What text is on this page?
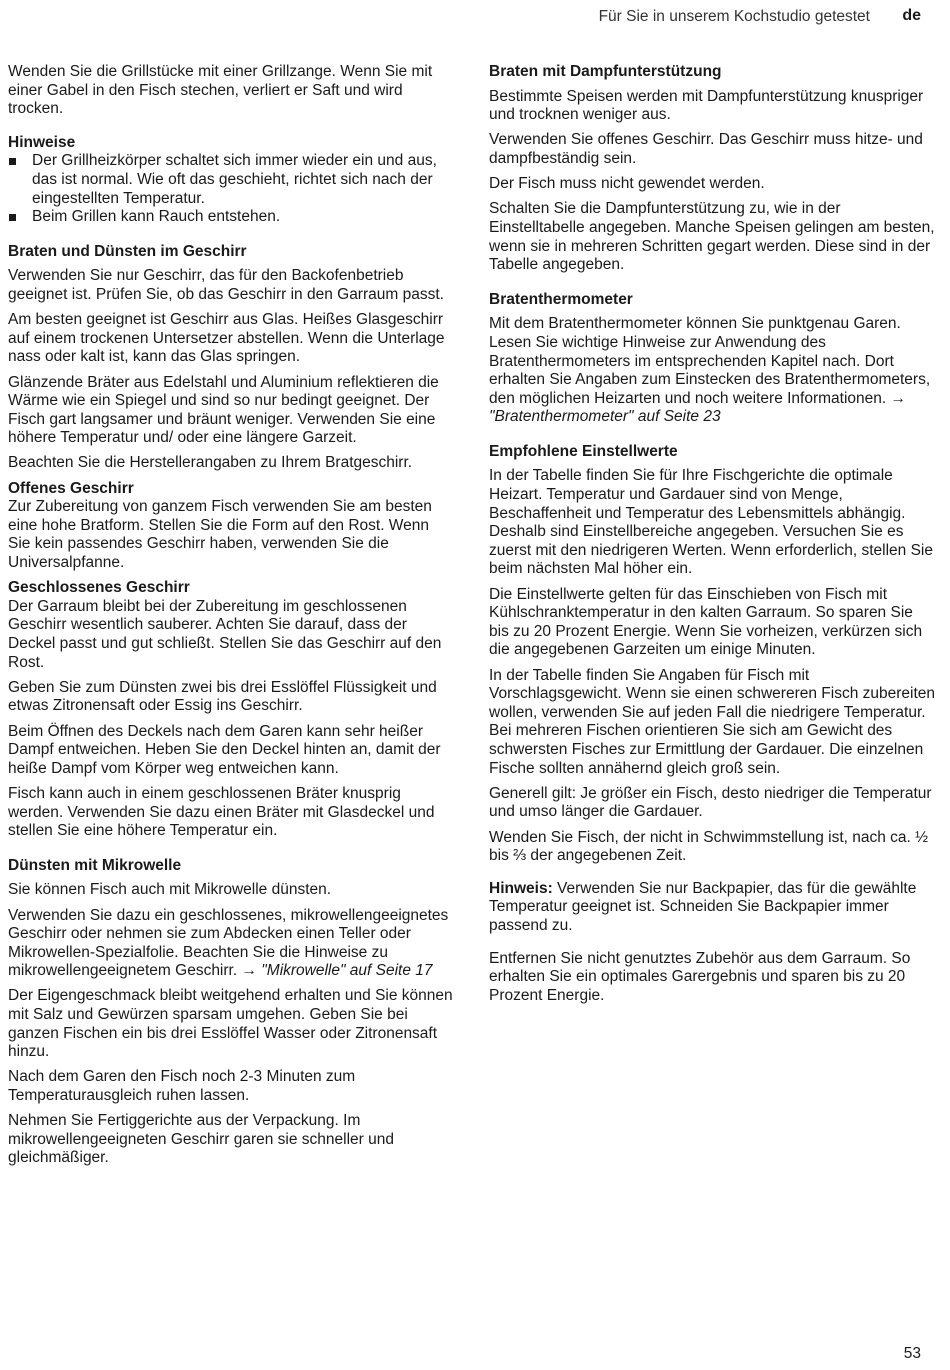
Für Sie in unserem Kochstudio getestet de

Wenden Sie die Grillstücke mit einer Grillzange. Wenn Sie mit einer Gabel in den Fisch stechen, verliert er Saft und wird trocken.

Hinweise
Der Grillheizkörper schaltet sich immer wieder ein und aus, das ist normal. Wie oft das geschieht, richtet sich nach der eingestellten Temperatur.
Beim Grillen kann Rauch entstehen.
Braten und Dünsten im Geschirr

Verwenden Sie nur Geschirr, das für den Backofenbetrieb geeignet ist. Prüfen Sie, ob das Geschirr in den Garraum passt.

Am besten geeignet ist Geschirr aus Glas. Heißes Glasgeschirr auf einem trockenen Untersetzer abstellen. Wenn die Unterlage nass oder kalt ist, kann das Glas springen.

Glänzende Bräter aus Edelstahl und Aluminium reflektieren die Wärme wie ein Spiegel und sind so nur bedingt geeignet. Der Fisch gart langsamer und bräunt weniger. Verwenden Sie eine höhere Temperatur und/ oder eine längere Garzeit.

Beachten Sie die Herstellerangaben zu Ihrem Bratgeschirr.

Offenes Geschirr

Zur Zubereitung von ganzem Fisch verwenden Sie am besten eine hohe Bratform. Stellen Sie die Form auf den Rost. Wenn Sie kein passendes Geschirr haben, verwenden Sie die Universalpfanne.

Geschlossenes Geschirr

Der Garraum bleibt bei der Zubereitung im geschlossenen Geschirr wesentlich sauberer. Achten Sie darauf, dass der Deckel passt und gut schließt. Stellen Sie das Geschirr auf den Rost.

Geben Sie zum Dünsten zwei bis drei Esslöffel Flüssigkeit und etwas Zitronensaft oder Essig ins Geschirr.

Beim Öffnen des Deckels nach dem Garen kann sehr heißer Dampf entweichen. Heben Sie den Deckel hinten an, damit der heiße Dampf vom Körper weg entweichen kann.

Fisch kann auch in einem geschlossenen Bräter knusprig werden. Verwenden Sie dazu einen Bräter mit Glasdeckel und stellen Sie eine höhere Temperatur ein.

Dünsten mit Mikrowelle

Sie können Fisch auch mit Mikrowelle dünsten.

Verwenden Sie dazu ein geschlossenes, mikrowellengeeignetes Geschirr oder nehmen sie zum Abdecken einen Teller oder Mikrowellen-Spezialfolie. Beachten Sie die Hinweise zu mikrowellengeeignetem Geschirr. → "Mikrowelle" auf Seite 17

Der Eigengeschmack bleibt weitgehend erhalten und Sie können mit Salz und Gewürzen sparsam umgehen. Geben Sie bei ganzen Fischen ein bis drei Esslöffel Wasser oder Zitronensaft hinzu.

Nach dem Garen den Fisch noch 2-3 Minuten zum Temperaturausgleich ruhen lassen.

Nehmen Sie Fertiggerichte aus der Verpackung. Im mikrowellengeeigneten Geschirr garen sie schneller und gleichmäßiger.

Braten mit Dampfunterstützung

Bestimmte Speisen werden mit Dampfunterstützung knuspriger und trocknen weniger aus.

Verwenden Sie offenes Geschirr. Das Geschirr muss hitze- und dampfbeständig sein.

Der Fisch muss nicht gewendet werden.

Schalten Sie die Dampfunterstützung zu, wie in der Einstelltabelle angegeben. Manche Speisen gelingen am besten, wenn sie in mehreren Schritten gegart werden. Diese sind in der Tabelle angegeben.

Bratenthermometer

Mit dem Bratenthermometer können Sie punktgenau Garen. Lesen Sie wichtige Hinweise zur Anwendung des Bratenthermometers im entsprechenden Kapitel nach. Dort erhalten Sie Angaben zum Einstecken des Bratenthermometers, den möglichen Heizarten und noch weitere Informationen. → "Bratenthermometer" auf Seite 23

Empfohlene Einstellwerte

In der Tabelle finden Sie für Ihre Fischgerichte die optimale Heizart. Temperatur und Gardauer sind von Menge, Beschaffenheit und Temperatur des Lebensmittels abhängig. Deshalb sind Einstellbereiche angegeben. Versuchen Sie es zuerst mit den niedrigeren Werten. Wenn erforderlich, stellen Sie beim nächsten Mal höher ein.

Die Einstellwerte gelten für das Einschieben von Fisch mit Kühlschranktemperatur in den kalten Garraum. So sparen Sie bis zu 20 Prozent Energie. Wenn Sie vorheizen, verkürzen sich die angegebenen Garzeiten um einige Minuten.

In der Tabelle finden Sie Angaben für Fisch mit Vorschlagsgewicht. Wenn sie einen schwereren Fisch zubereiten wollen, verwenden Sie auf jeden Fall die niedrigere Temperatur. Bei mehreren Fischen orientieren Sie sich am Gewicht des schwersten Fisches zur Ermittlung der Gardauer. Die einzelnen Fische sollten annähernd gleich groß sein.

Generell gilt: Je größer ein Fisch, desto niedriger die Temperatur und umso länger die Gardauer.

Wenden Sie Fisch, der nicht in Schwimmstellung ist, nach ca. ½ bis ⅔ der angegebenen Zeit.

Hinweis: Verwenden Sie nur Backpapier, das für die gewählte Temperatur geeignet ist. Schneiden Sie Backpapier immer passend zu.

Entfernen Sie nicht genutztes Zubehör aus dem Garraum. So erhalten Sie ein optimales Garergebnis und sparen bis zu 20 Prozent Energie.

53
